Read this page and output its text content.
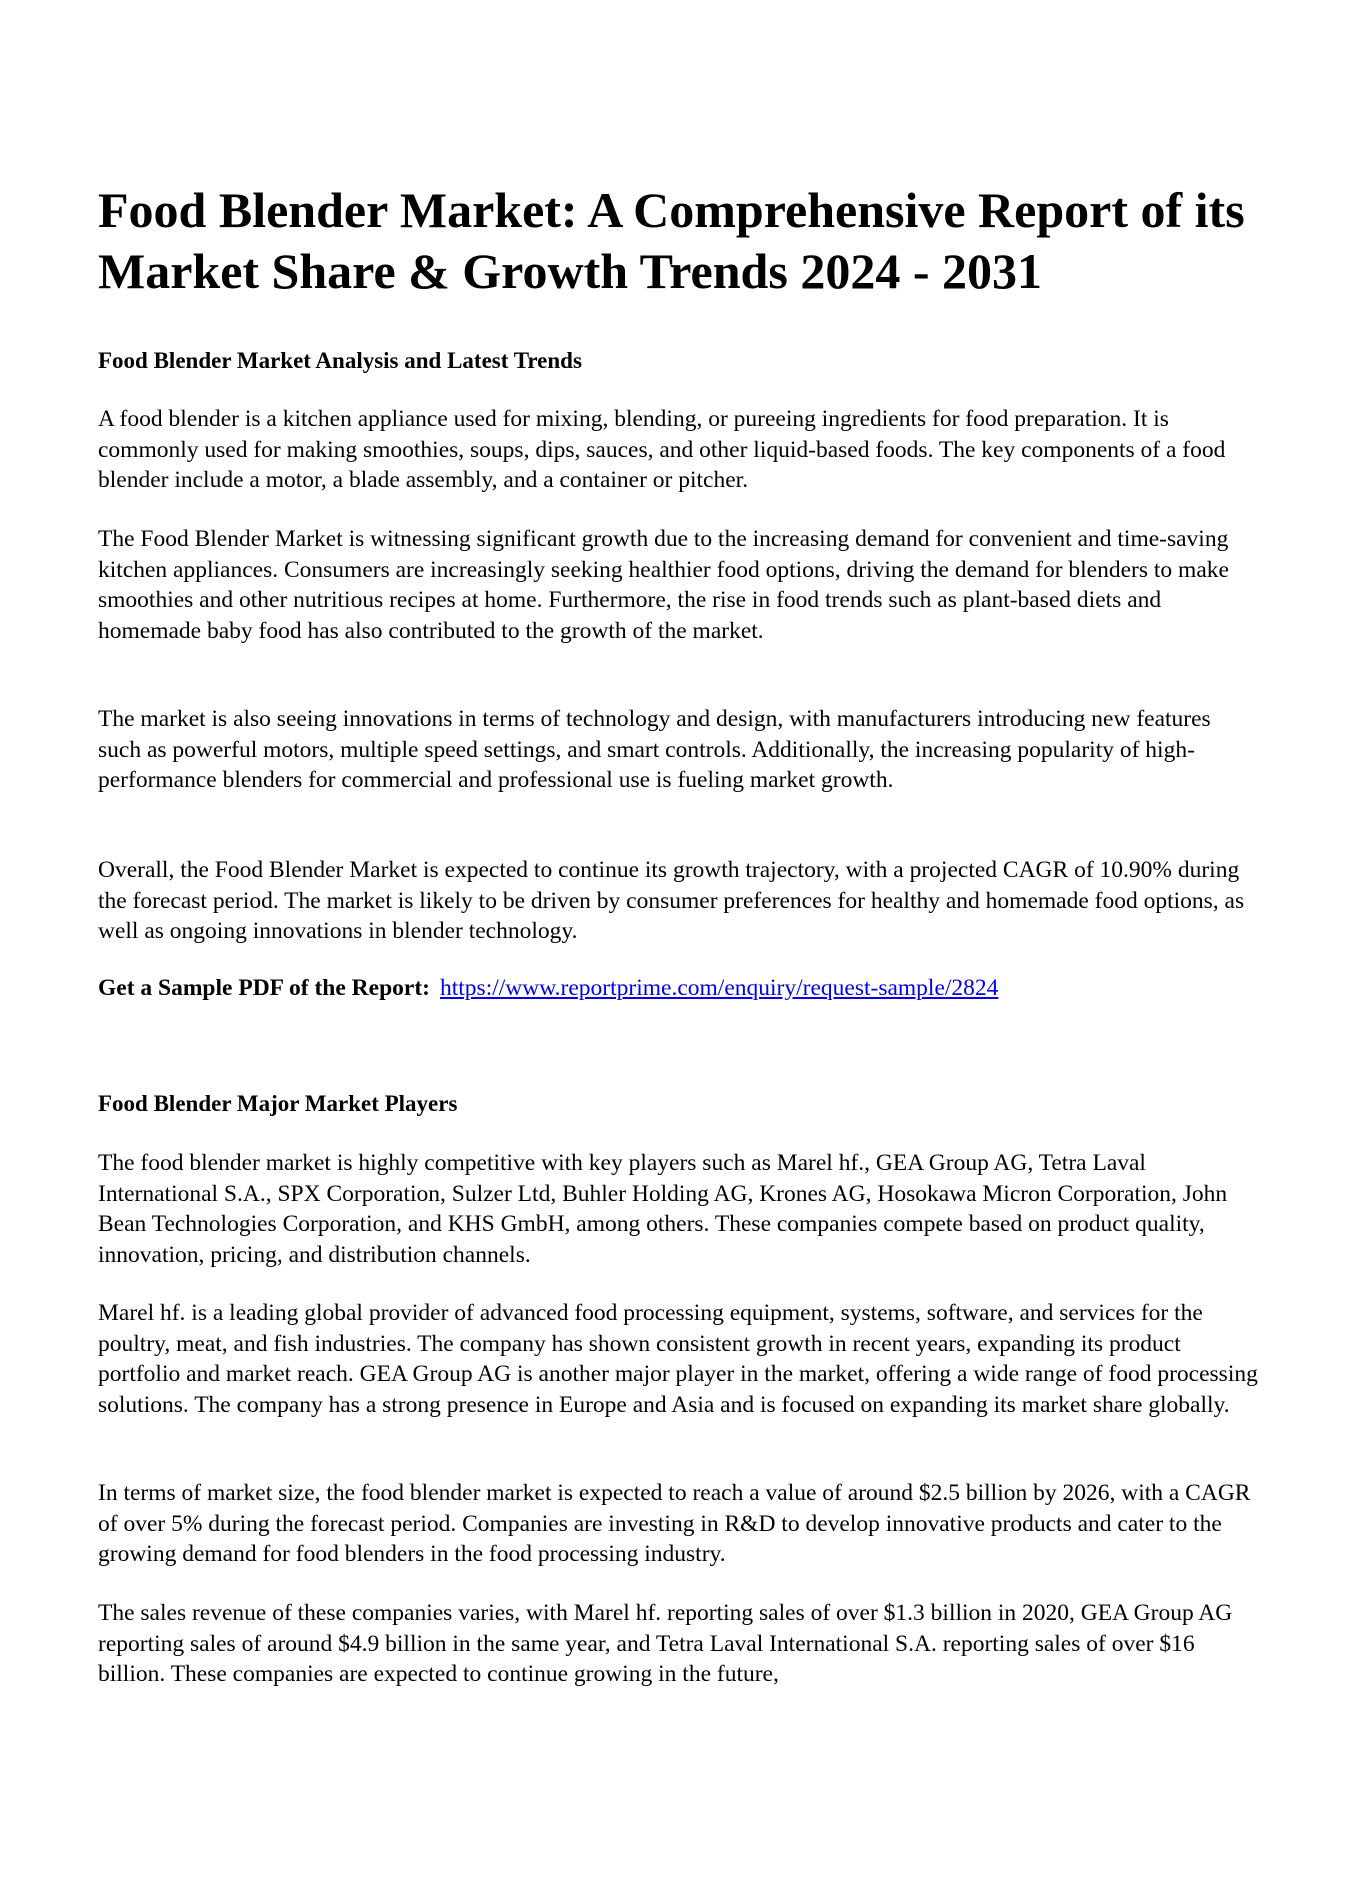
Food Blender Market: A Comprehensive Report of its Market Share & Growth Trends 2024 - 2031
Food Blender Market Analysis and Latest Trends

A food blender is a kitchen appliance used for mixing, blending, or pureeing ingredients for food preparation. It is commonly used for making smoothies, soups, dips, sauces, and other liquid-based foods. The key components of a food blender include a motor, a blade assembly, and a container or pitcher.

The Food Blender Market is witnessing significant growth due to the increasing demand for convenient and time-saving kitchen appliances. Consumers are increasingly seeking healthier food options, driving the demand for blenders to make smoothies and other nutritious recipes at home. Furthermore, the rise in food trends such as plant-based diets and homemade baby food has also contributed to the growth of the market.

The market is also seeing innovations in terms of technology and design, with manufacturers introducing new features such as powerful motors, multiple speed settings, and smart controls. Additionally, the increasing popularity of high-performance blenders for commercial and professional use is fueling market growth.

Overall, the Food Blender Market is expected to continue its growth trajectory, with a projected CAGR of 10.90% during the forecast period. The market is likely to be driven by consumer preferences for healthy and homemade food options, as well as ongoing innovations in blender technology.

Get a Sample PDF of the Report: https://www.reportprime.com/enquiry/request-sample/2824

Food Blender Major Market Players

The food blender market is highly competitive with key players such as Marel hf., GEA Group AG, Tetra Laval International S.A., SPX Corporation, Sulzer Ltd, Buhler Holding AG, Krones AG, Hosokawa Micron Corporation, John Bean Technologies Corporation, and KHS GmbH, among others. These companies compete based on product quality, innovation, pricing, and distribution channels.

Marel hf. is a leading global provider of advanced food processing equipment, systems, software, and services for the poultry, meat, and fish industries. The company has shown consistent growth in recent years, expanding its product portfolio and market reach. GEA Group AG is another major player in the market, offering a wide range of food processing solutions. The company has a strong presence in Europe and Asia and is focused on expanding its market share globally.

In terms of market size, the food blender market is expected to reach a value of around $2.5 billion by 2026, with a CAGR of over 5% during the forecast period. Companies are investing in R&D to develop innovative products and cater to the growing demand for food blenders in the food processing industry.

The sales revenue of these companies varies, with Marel hf. reporting sales of over $1.3 billion in 2020, GEA Group AG reporting sales of around $4.9 billion in the same year, and Tetra Laval International S.A. reporting sales of over $16 billion. These companies are expected to continue growing in the future,
